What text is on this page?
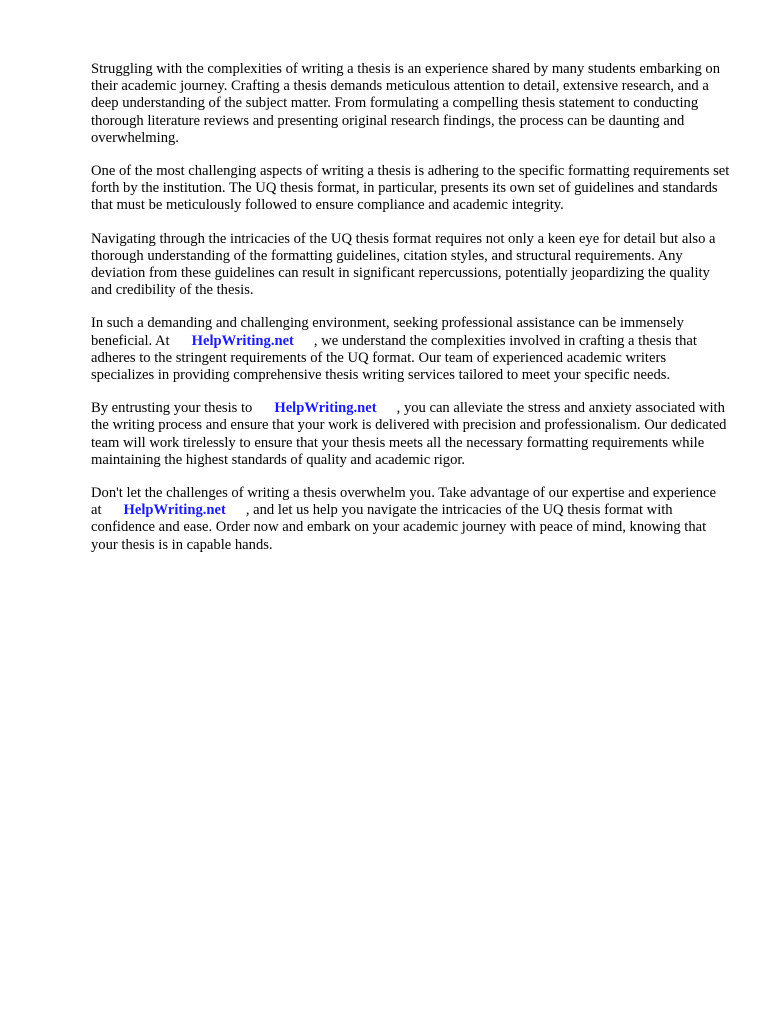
Struggling with the complexities of writing a thesis is an experience shared by many students embarking on their academic journey. Crafting a thesis demands meticulous attention to detail, extensive research, and a deep understanding of the subject matter. From formulating a compelling thesis statement to conducting thorough literature reviews and presenting original research findings, the process can be daunting and overwhelming.

One of the most challenging aspects of writing a thesis is adhering to the specific formatting requirements set forth by the institution. The UQ thesis format, in particular, presents its own set of guidelines and standards that must be meticulously followed to ensure compliance and academic integrity.

Navigating through the intricacies of the UQ thesis format requires not only a keen eye for detail but also a thorough understanding of the formatting guidelines, citation styles, and structural requirements. Any deviation from these guidelines can result in significant repercussions, potentially jeopardizing the quality and credibility of the thesis.

In such a demanding and challenging environment, seeking professional assistance can be immensely beneficial. At HelpWriting.net , we understand the complexities involved in crafting a thesis that adheres to the stringent requirements of the UQ format. Our team of experienced academic writers specializes in providing comprehensive thesis writing services tailored to meet your specific needs.

By entrusting your thesis to HelpWriting.net , you can alleviate the stress and anxiety associated with the writing process and ensure that your work is delivered with precision and professionalism. Our dedicated team will work tirelessly to ensure that your thesis meets all the necessary formatting requirements while maintaining the highest standards of quality and academic rigor.

Don't let the challenges of writing a thesis overwhelm you. Take advantage of our expertise and experience at HelpWriting.net , and let us help you navigate the intricacies of the UQ thesis format with confidence and ease. Order now and embark on your academic journey with peace of mind, knowing that your thesis is in capable hands.
